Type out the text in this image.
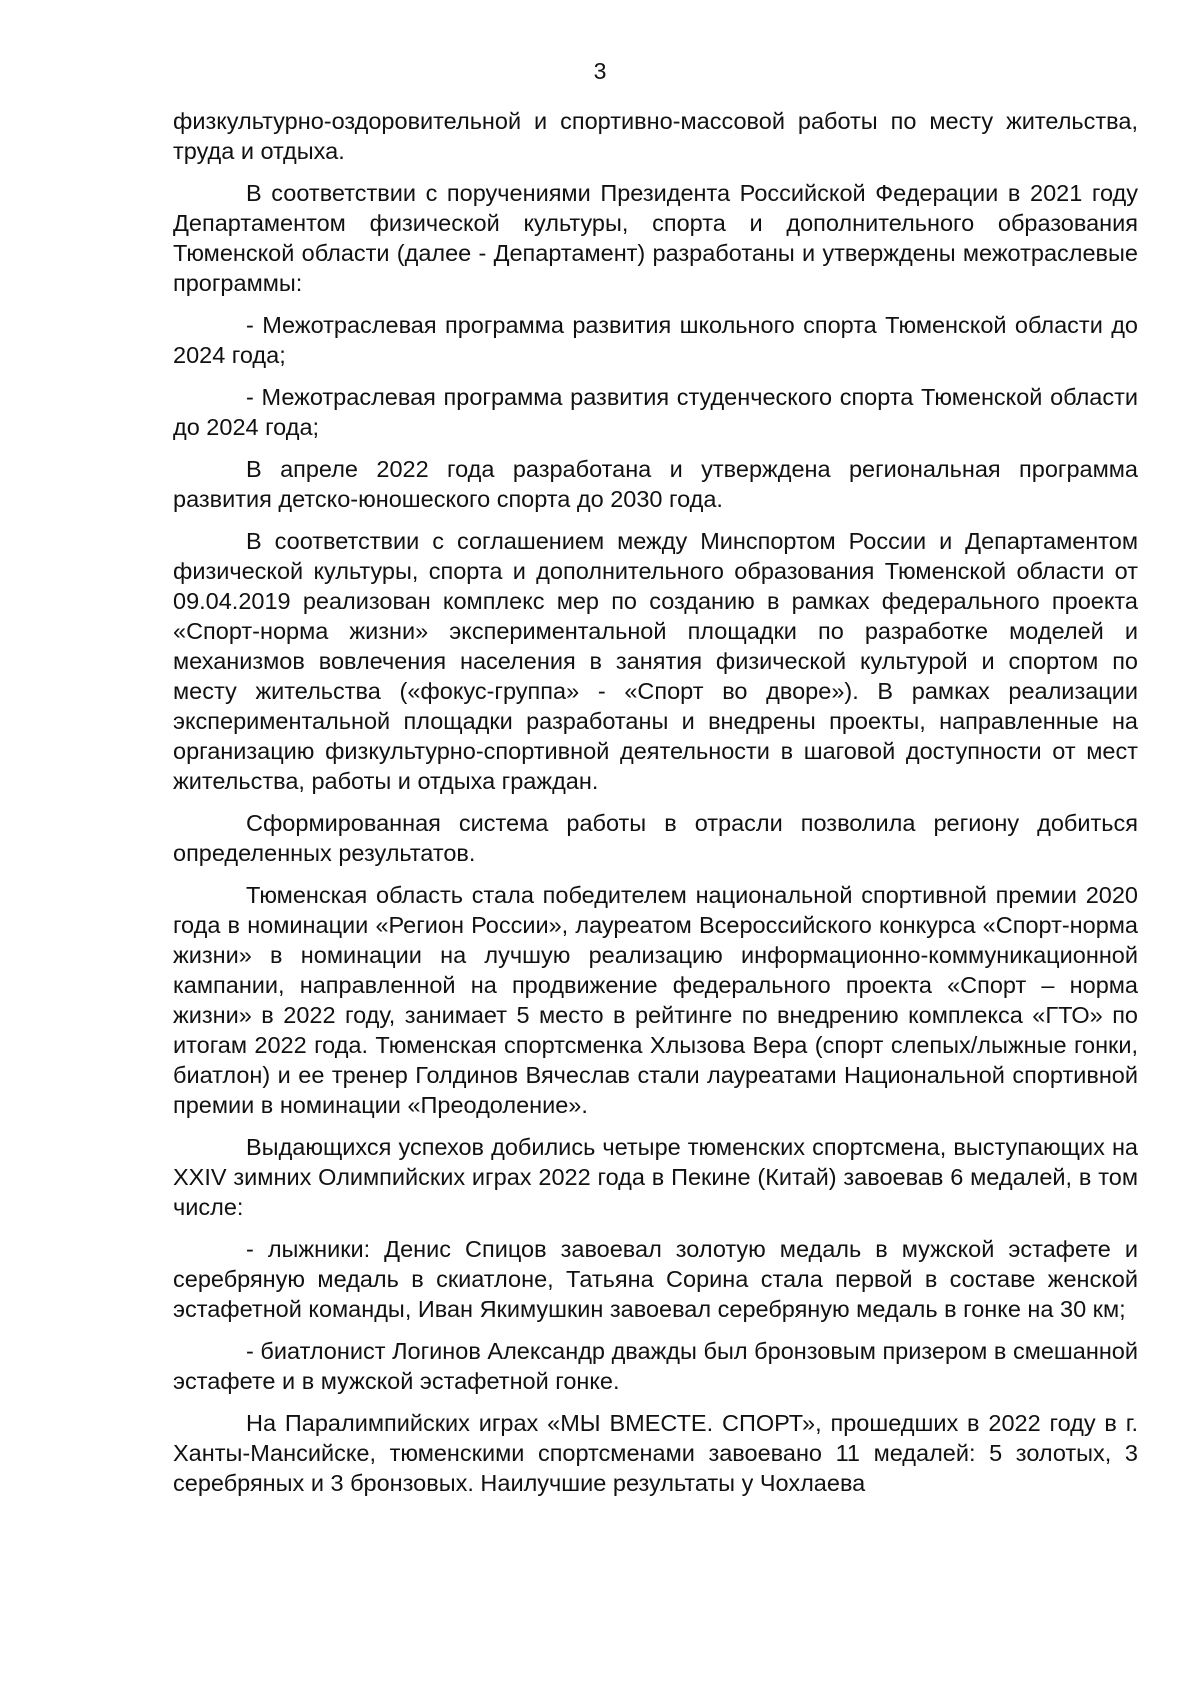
3

физкультурно-оздоровительной и спортивно-массовой работы по месту жительства, труда и отдыха.

В соответствии с поручениями Президента Российской Федерации в 2021 году Департаментом физической культуры, спорта и дополнительного образования Тюменской области (далее - Департамент) разработаны и утверждены межотраслевые программы:

- Межотраслевая программа развития школьного спорта Тюменской области до 2024 года;

- Межотраслевая программа развития студенческого спорта Тюменской области до 2024 года;

В апреле 2022 года разработана и утверждена региональная программа развития детско-юношеского спорта до 2030 года.

В соответствии с соглашением между Минспортом России и Департаментом физической культуры, спорта и дополнительного образования Тюменской области от 09.04.2019 реализован комплекс мер по созданию в рамках федерального проекта «Спорт-норма жизни» экспериментальной площадки по разработке моделей и механизмов вовлечения населения в занятия физической культурой и спортом по месту жительства («фокус-группа» - «Спорт во дворе»). В рамках реализации экспериментальной площадки разработаны и внедрены проекты, направленные на организацию физкультурно-спортивной деятельности в шаговой доступности от мест жительства, работы и отдыха граждан.

Сформированная система работы в отрасли позволила региону добиться определенных результатов.

Тюменская область стала победителем национальной спортивной премии 2020 года в номинации «Регион России», лауреатом Всероссийского конкурса «Спорт-норма жизни» в номинации на лучшую реализацию информационно-коммуникационной кампании, направленной на продвижение федерального проекта «Спорт – норма жизни» в 2022 году, занимает 5 место в рейтинге по внедрению комплекса «ГТО» по итогам 2022 года. Тюменская спортсменка Хлызова Вера (спорт слепых/лыжные гонки, биатлон) и ее тренер Голдинов Вячеслав стали лауреатами Национальной спортивной премии в номинации «Преодоление».

Выдающихся успехов добились четыре тюменских спортсмена, выступающих на XXIV зимних Олимпийских играх 2022 года в Пекине (Китай) завоевав 6 медалей, в том числе:

- лыжники: Денис Спицов завоевал золотую медаль в мужской эстафете и серебряную медаль в скиатлоне, Татьяна Сорина стала первой в составе женской эстафетной команды, Иван Якимушкин завоевал серебряную медаль в гонке на 30 км;

- биатлонист Логинов Александр дважды был бронзовым призером в смешанной эстафете и в мужской эстафетной гонке.

На Паралимпийских играх «МЫ ВМЕСТЕ. СПОРТ», прошедших в 2022 году в г. Ханты-Мансийске, тюменскими спортсменами завоевано 11 медалей: 5 золотых, 3 серебряных и 3 бронзовых. Наилучшие результаты у Чохлаева
